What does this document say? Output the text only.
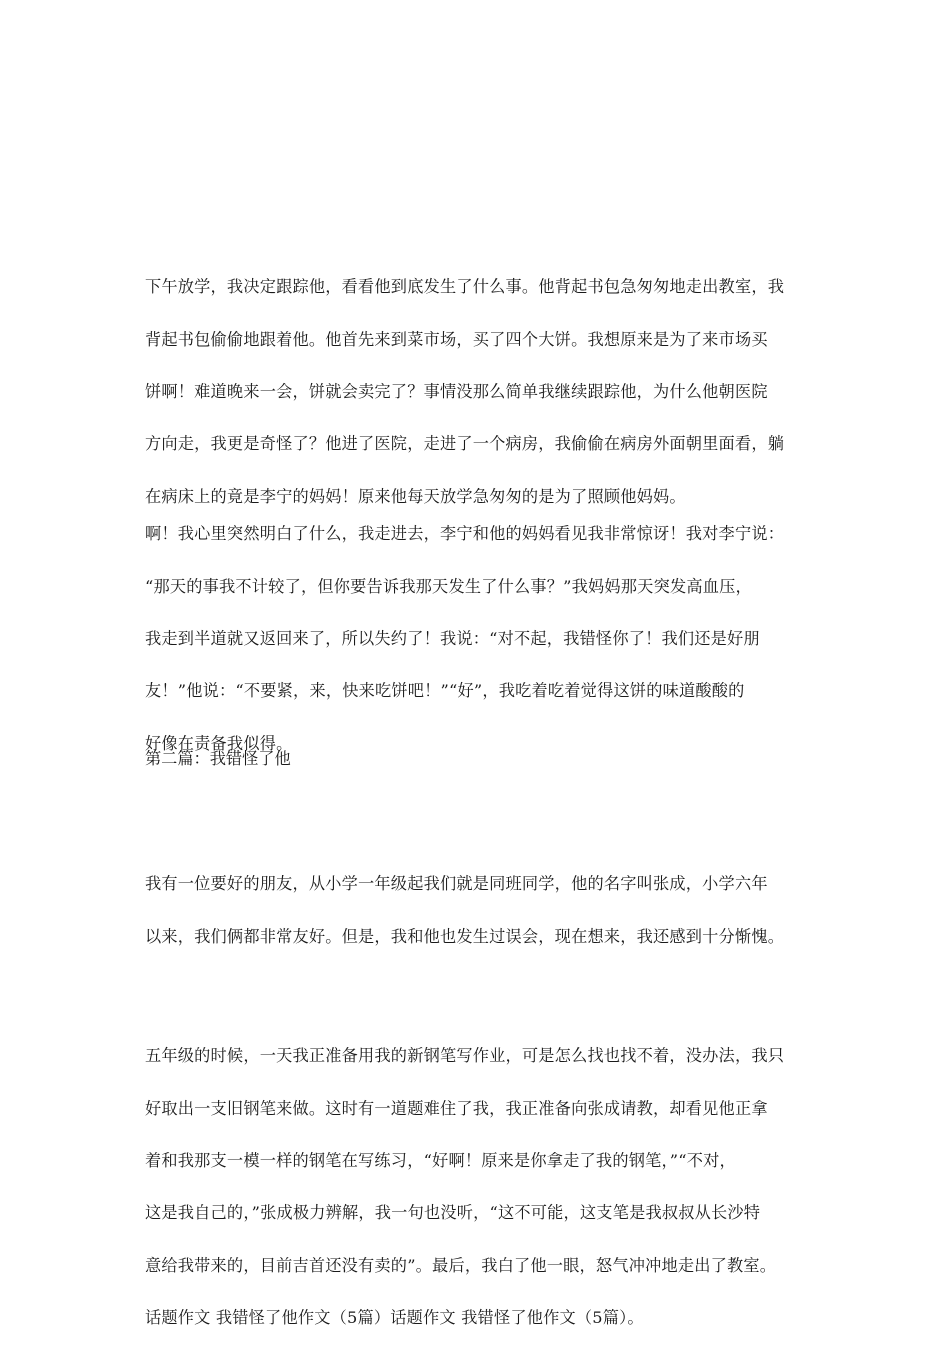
下午放学，我决定跟踪他，看看他到底发生了什么事。他背起书包急匆匆地走出教室，我

背起书包偷偷地跟着他。他首先来到菜市场，买了四个大饼。我想原来是为了来市场买

饼啊！难道晚来一会，饼就会卖完了？事情没那么简单我继续跟踪他，为什么他朝医院

方向走，我更是奇怪了？他进了医院，走进了一个病房，我偷偷在病房外面朝里面看，躺

在病床上的竟是李宁的妈妈！原来他每天放学急匆匆的是为了照顾他妈妈。

啊！我心里突然明白了什么，我走进去，李宁和他的妈妈看见我非常惊讶！我对李宁说：

“那天的事我不计较了，但你要告诉我那天发生了什么事？”我妈妈那天突发高血压，

我走到半道就又返回来了，所以失约了！我说：“对不起，我错怪你了！我们还是好朋

友！”他说：“不要紧，来，快来吃饼吧！”“好”，我吃着吃着觉得这饼的味道酸酸的

好像在责备我似得。

第二篇：我错怪了他

我有一位要好的朋友，从小学一年级起我们就是同班同学，他的名字叫张成，小学六年

以来，我们俩都非常友好。但是，我和他也发生过误会，现在想来，我还感到十分惭愧。

五年级的时候，一天我正准备用我的新钢笔写作业，可是怎么找也找不着，没办法，我只

好取出一支旧钢笔来做。这时有一道题难住了我，我正准备向张成请教，却看见他正拿

着和我那支一模一样的钢笔在写练习，“好啊！原来是你拿走了我的钢笔，”“不对，

这是我自己的，”张成极力辨解，我一句也没听，“这不可能，这支笔是我叔叔从长沙特

意给我带来的，目前吉首还没有卖的”。最后，我白了他一眼，怒气冲冲地走出了教室。

话题作文 我错怪了他作文（5篇）话题作文 我错怪了他作文（5篇）。
